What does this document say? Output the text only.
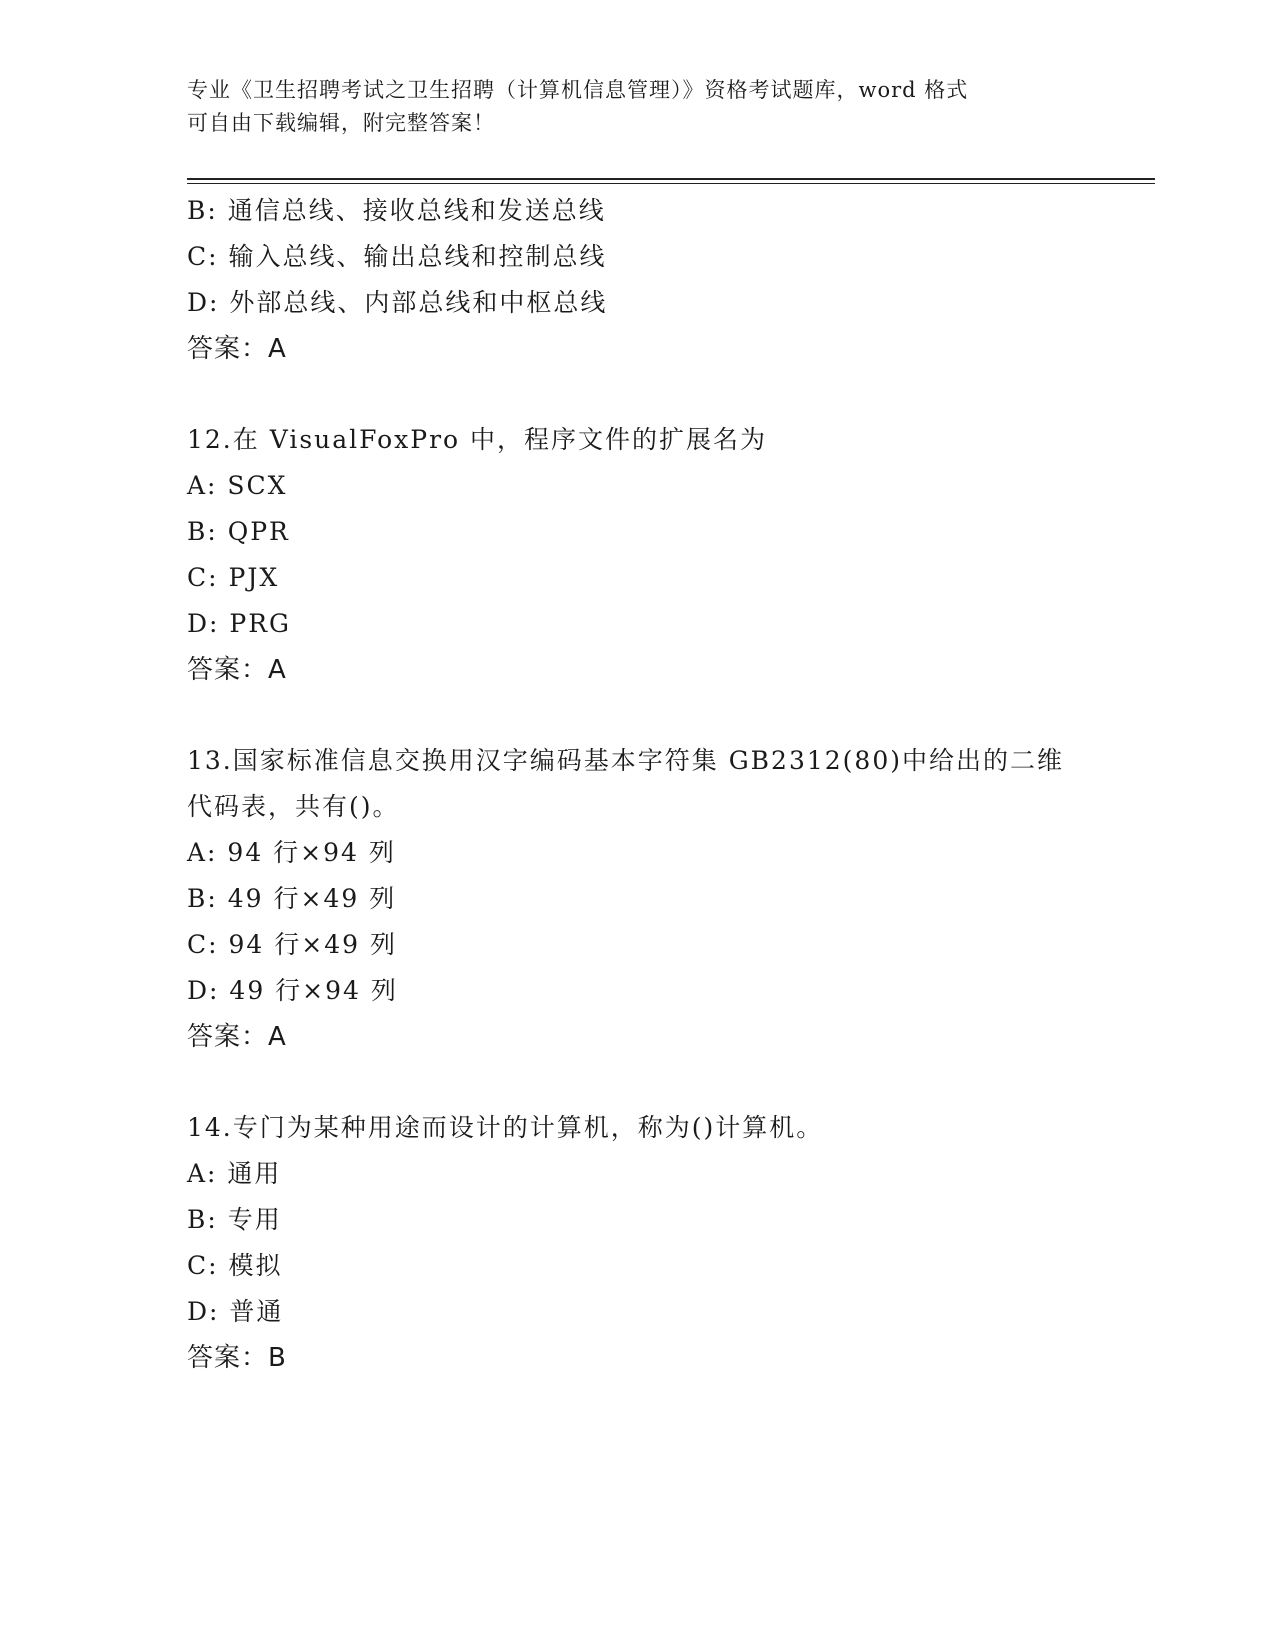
专业《卫生招聘考试之卫生招聘（计算机信息管理）》资格考试题库，word 格式
可自由下载编辑，附完整答案！
B: 通信总线、接收总线和发送总线
C: 输入总线、输出总线和控制总线
D: 外部总线、内部总线和中枢总线
答案：A
12.在 VisualFoxPro 中，程序文件的扩展名为
A: SCX
B: QPR
C: PJX
D: PRG
答案：A
13.国家标准信息交换用汉字编码基本字符集 GB2312(80)中给出的二维
代码表，共有()。
A: 94 行×94 列
B: 49 行×49 列
C: 94 行×49 列
D: 49 行×94 列
答案：A
14.专门为某种用途而设计的计算机，称为()计算机。
A: 通用
B: 专用
C: 模拟
D: 普通
答案：B
